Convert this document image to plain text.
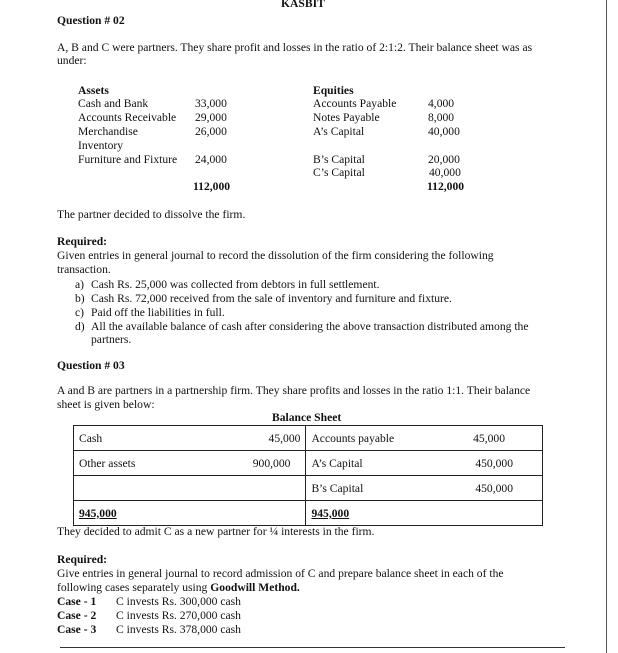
KASBIT
Question # 02
A, B and C were partners. They share profit and losses in the ratio of 2:1:2. Their balance sheet was as
under:
Assets
Cash and Bank	33,000
Accounts Receivable 29,000
Merchandise	26,000
Inventory
Furniture and Fixture 24,000
112,000
Equities
Accounts Payable	4,000
Notes Payable	8,000
A’s Capital	40,000
B’s Capital	20,000
C’s Capital	40,000
112,000
The partner decided to dissolve the firm.
Required:
Given entries in general journal to record the dissolution of the firm considering the following
transaction.
a) Cash Rs. 25,000 was collected from debtors in full settlement.
b) Cash Rs. 72,000 received from the sale of inventory and furniture and fixture.
c) Paid off the liabilities in full.
d) All the available balance of cash after considering the above transaction distributed among the
partners.
Question # 03
A and B are partners in a partnership firm. They share profits and losses in the ratio 1:1. Their balance
sheet is given below:
Balance Sheet
Cash 45,000	Accounts payable 45,000

Other assets 900,000	A’s Capital 450,000

	B’s Capital 450,000

945,000	945,000
They decided to admit C as a new partner for ¼ interests in the firm.
Required:
Give entries in general journal to record admission of C and prepare balance sheet in each of the
following cases separately using Goodwill Method.
Case - 1 C invests Rs. 300,000 cash
Case - 2 C invests Rs. 270,000 cash
Case - 3 C invests Rs. 378,000 cash
